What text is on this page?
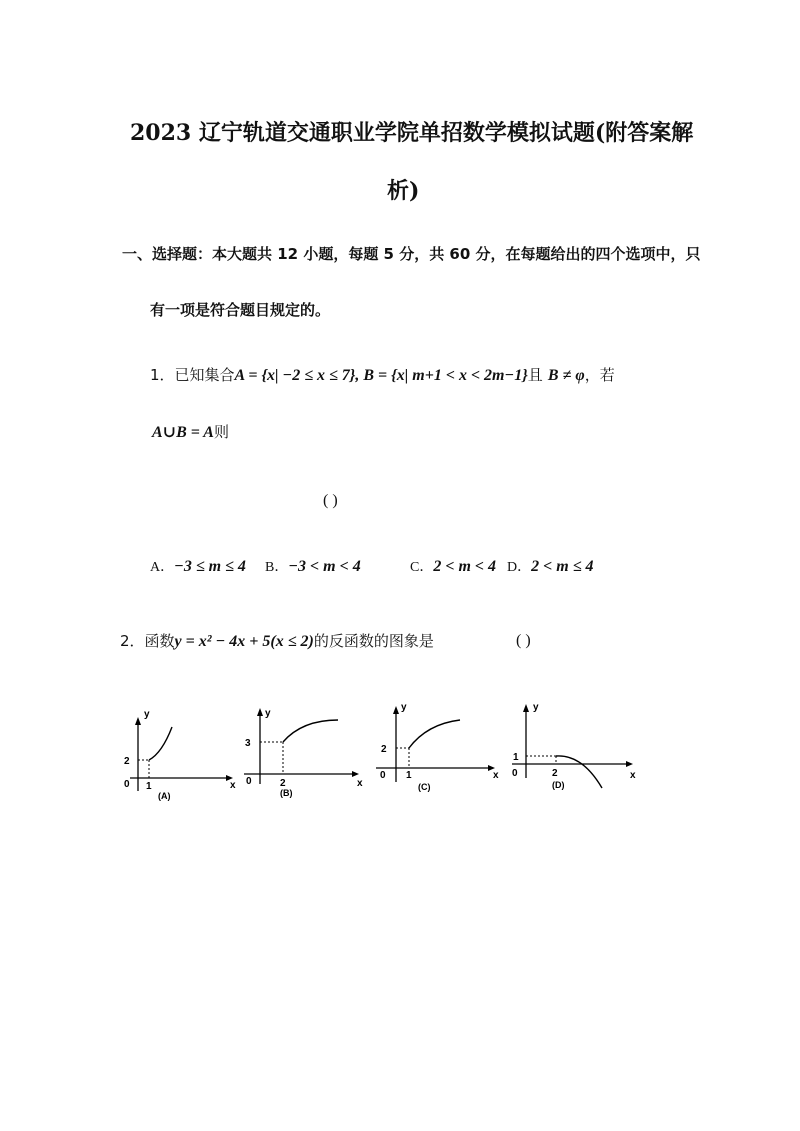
2023 辽宁轨道交通职业学院单招数学模拟试题(附答案解
析)
一、选择题：本大题共 12 小题，每题 5 分，共 60 分，在每题给出的四个选项中，只
有一项是符合题目规定的。
1．已知集合A = {x| −2 ≤ x ≤ 7}, B = {x| m+1 < x < 2m−1}且 B ≠ φ，若
A∪B = A则
( )
A．−3 ≤ m ≤ 4 B．−3 < m < 4	C．2 < m < 4 D．2 < m ≤ 4
2．函数y = x² − 4x + 5(x ≤ 2)的反函数的图象是	( )
y
x
0
2
1
(A)
y
x
0
3
2
(B)
y
x
0
2
1
(C)
y
x
0
1
2
(D)
